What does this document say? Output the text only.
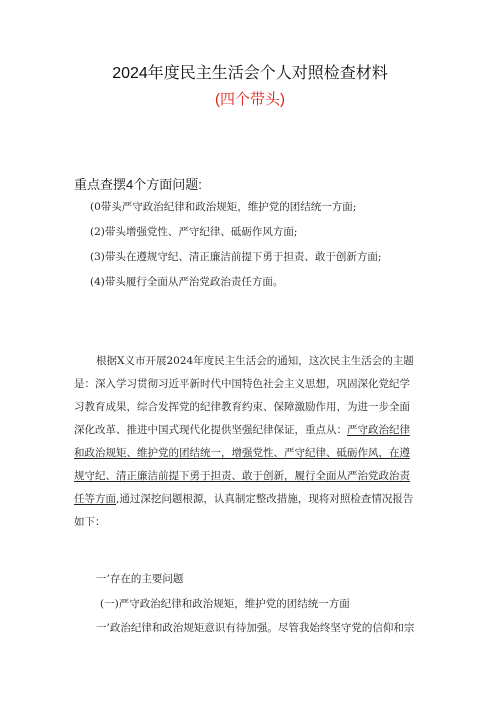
2024年度民主生活会个人对照检查材料
(四个带头)
重点查摆4个方面问题:
(0带头严守政治纪律和政治规矩，维护党的团结统一方面;
(2)带头增强党性、严守纪律、砥砺作风方面;
(3)带头在遵规守纪、清正廉洁前提下勇于担责、敢于创新方面;
(4)带头履行全面从严治党政治责任方面。
根据X义市开展2024年度民主生活会的通知，这次民主生活会的主题
是：深入学习贯彻习近平新时代中国特色社会主义思想，巩固深化党纪学
习教育成果，综合发挥党的纪律教育约束、保障激励作用，为进一步全面
深化改革、推进中国式现代化提供坚强纪律保证，重点从：严守政治纪律
和政治规矩、维护党的团结统一，增强党性、严守纪律、砥砺作风，在遵
规守纪、清正廉洁前提下勇于担责、敢于创新，履行全面从严治党政治责
任等方面,通过深挖问题根源，认真制定整改措施，现将对照检查情况报告
如下：
一’存在的主要问题
(一)严守政治纪律和政治规矩，维护党的团结统一方面
一’政治纪律和政治规矩意识有待加强。尽管我始终坚守党的信仰和宗
